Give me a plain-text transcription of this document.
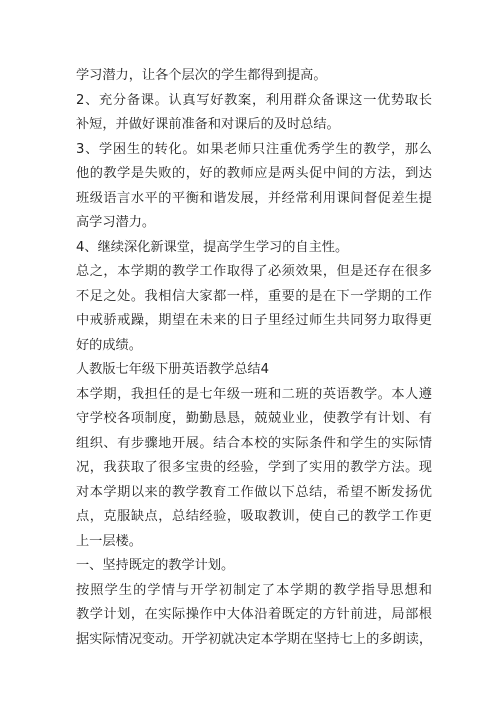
学习潜力，让各个层次的学生都得到提高。
2、充分备课。认真写好教案，利用群众备课这一优势取长
补短，并做好课前准备和对课后的及时总结。
3、学困生的转化。如果老师只注重优秀学生的教学，那么
他的教学是失败的，好的教师应是两头促中间的方法，到达
班级语言水平的平衡和谐发展，并经常利用课间督促差生提
高学习潜力。
4、继续深化新课堂，提高学生学习的自主性。
总之，本学期的教学工作取得了必须效果，但是还存在很多
不足之处。我相信大家都一样，重要的是在下一学期的工作
中戒骄戒躁，期望在未来的日子里经过师生共同努力取得更
好的成绩。
人教版七年级下册英语教学总结4
本学期，我担任的是七年级一班和二班的英语教学。本人遵
守学校各项制度，勤勤恳恳，兢兢业业，使教学有计划、有
组织、有步骤地开展。结合本校的实际条件和学生的实际情
况，我获取了很多宝贵的经验，学到了实用的教学方法。现
对本学期以来的教学教育工作做以下总结，希望不断发扬优
点，克服缺点，总结经验，吸取教训，使自己的教学工作更
上一层楼。
一、坚持既定的教学计划。
按照学生的学情与开学初制定了本学期的教学指导思想和
教学计划，在实际操作中大体沿着既定的方针前进，局部根
据实际情况变动。开学初就决定本学期在坚持七上的多朗读，
